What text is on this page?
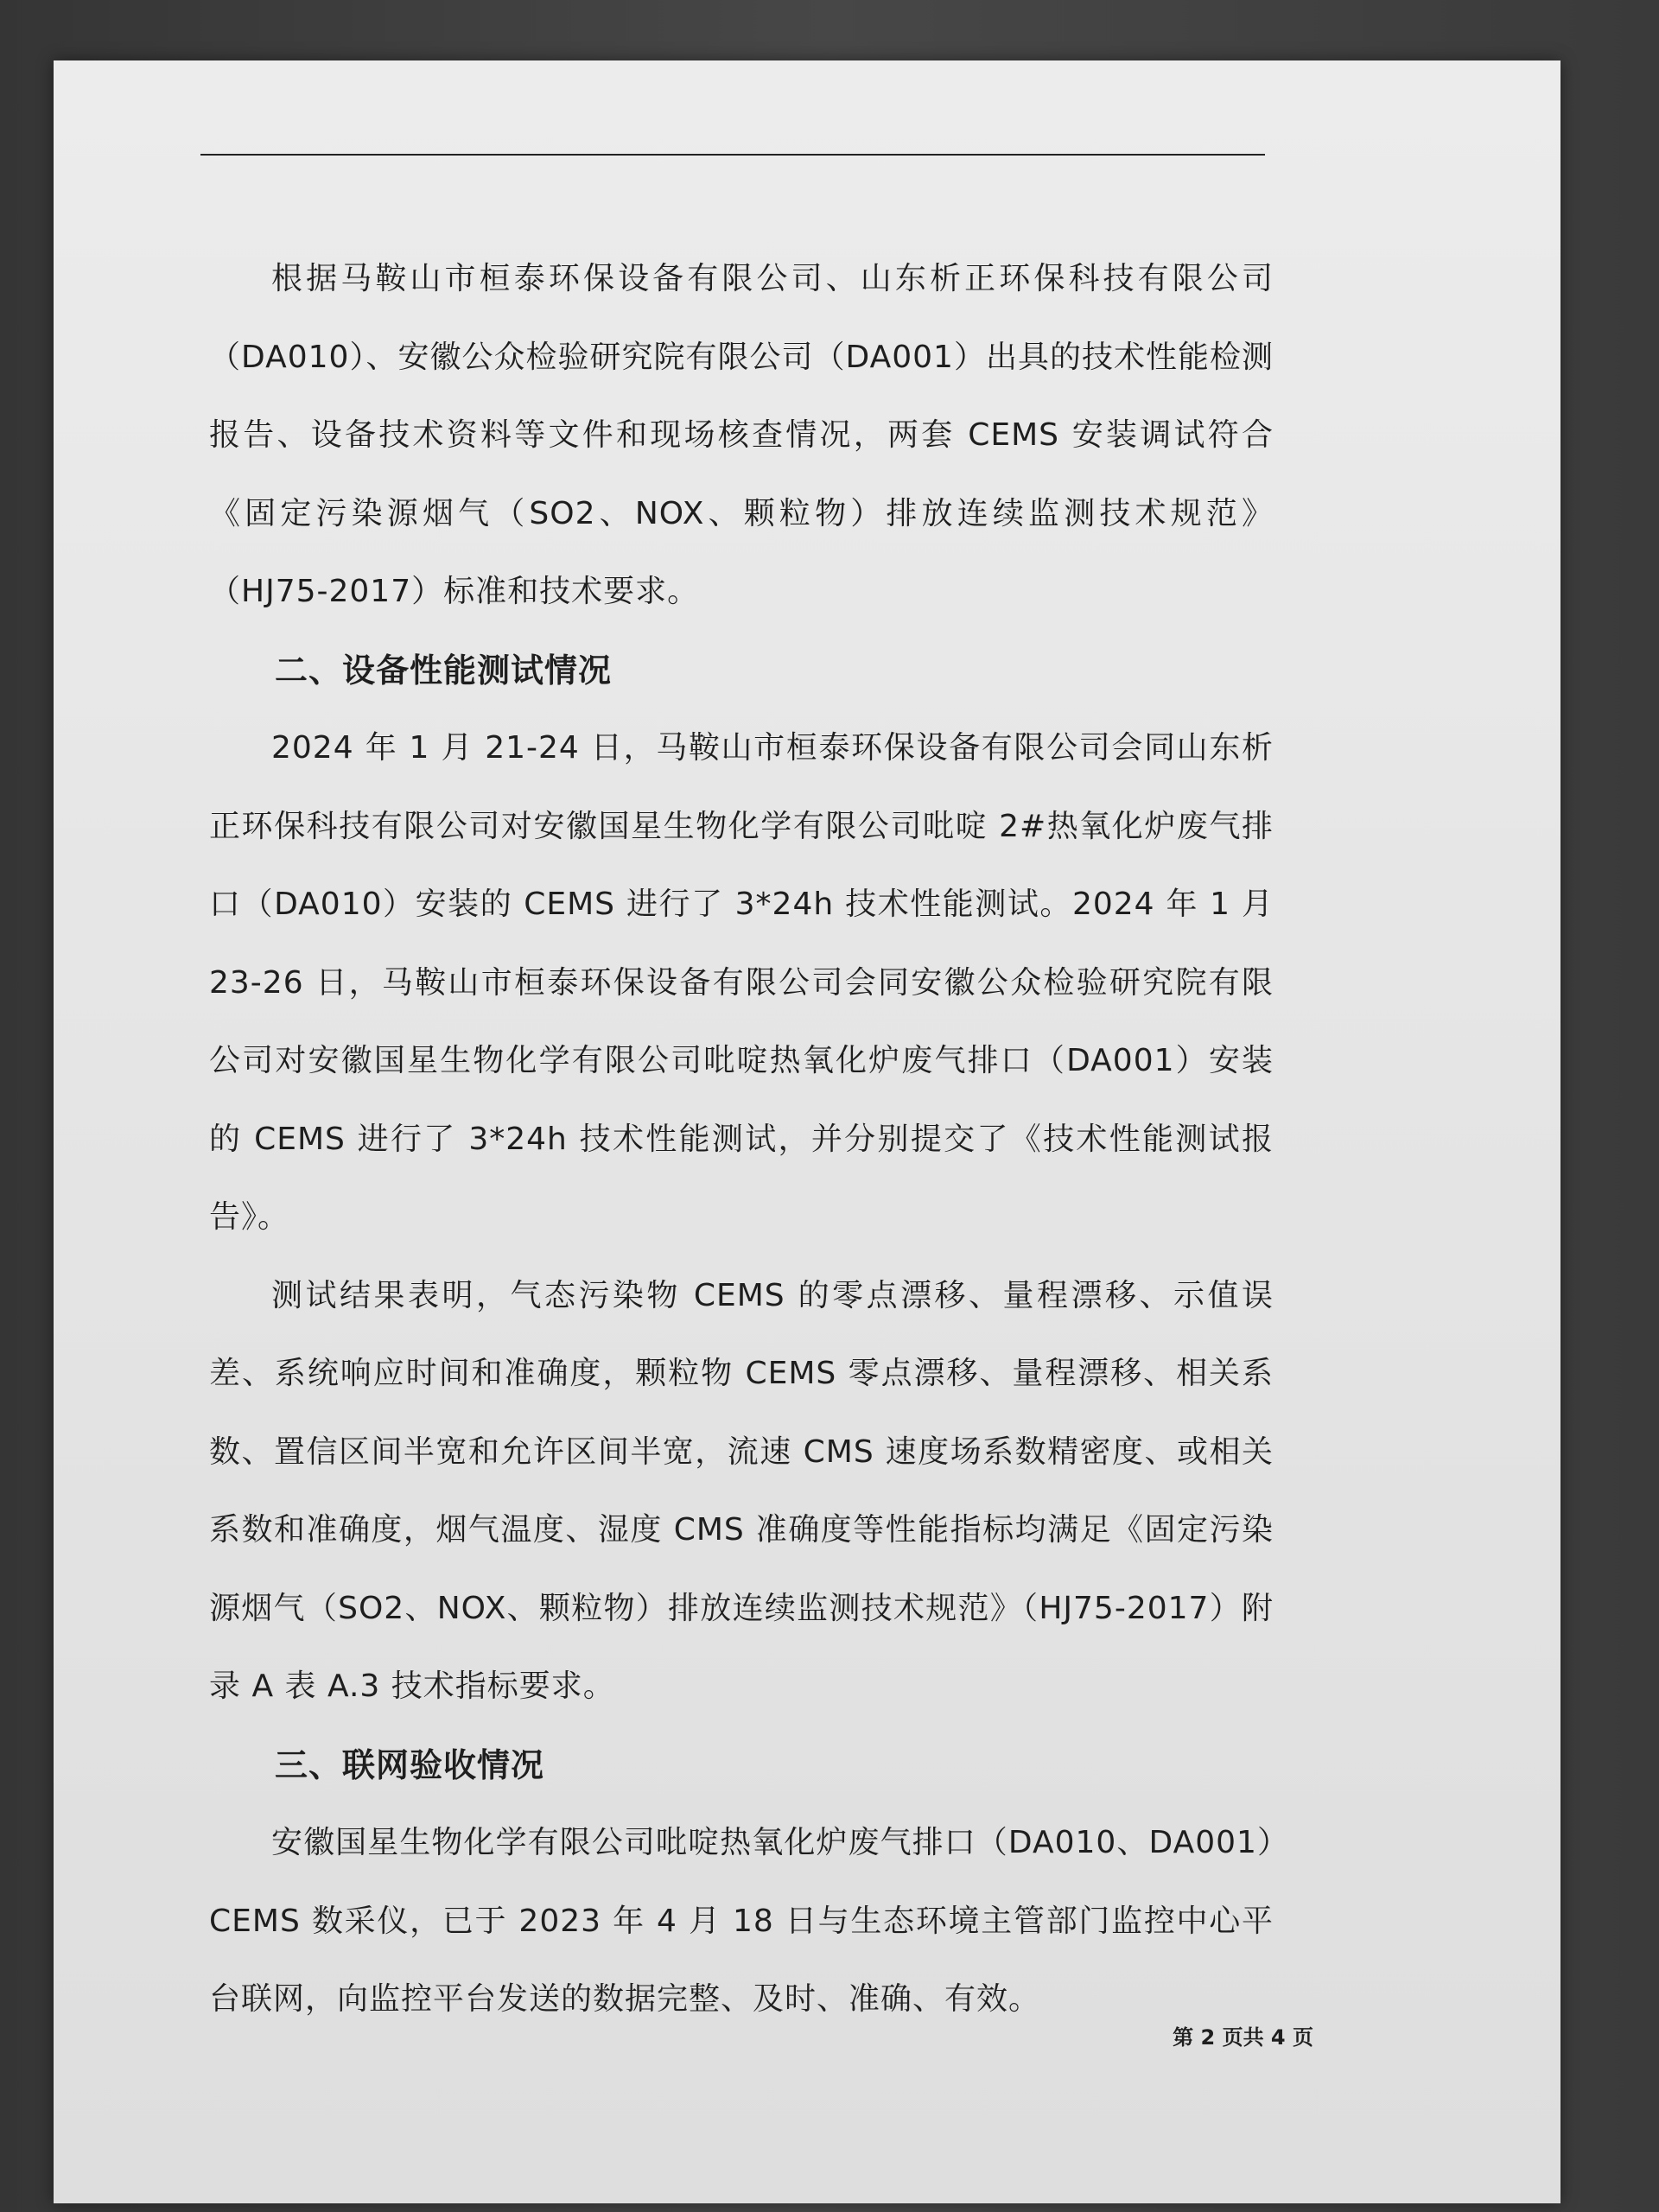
根据马鞍山市桓泰环保设备有限公司、山东析正环保科技有限公司（DA010）、安徽公众检验研究院有限公司（DA001）出具的技术性能检测报告、设备技术资料等文件和现场核查情况，两套 CEMS 安装调试符合《固定污染源烟气（SO2、NOX、颗粒物）排放连续监测技术规范》（HJ75-2017）标准和技术要求。

二、设备性能测试情况

2024 年 1 月 21-24 日，马鞍山市桓泰环保设备有限公司会同山东析正环保科技有限公司对安徽国星生物化学有限公司吡啶 2#热氧化炉废气排口（DA010）安装的 CEMS 进行了 3*24h 技术性能测试。2024 年 1 月 23-26 日，马鞍山市桓泰环保设备有限公司会同安徽公众检验研究院有限公司对安徽国星生物化学有限公司吡啶热氧化炉废气排口（DA001）安装的 CEMS 进行了 3*24h 技术性能测试，并分别提交了《技术性能测试报告》。

测试结果表明，气态污染物 CEMS 的零点漂移、量程漂移、示值误差、系统响应时间和准确度，颗粒物 CEMS 零点漂移、量程漂移、相关系数、置信区间半宽和允许区间半宽，流速 CMS 速度场系数精密度、或相关系数和准确度，烟气温度、湿度 CMS 准确度等性能指标均满足《固定污染源烟气（SO2、NOX、颗粒物）排放连续监测技术规范》（HJ75-2017）附录 A 表 A.3 技术指标要求。

三、联网验收情况

安徽国星生物化学有限公司吡啶热氧化炉废气排口（DA010、DA001）CEMS 数采仪，已于 2023 年 4 月 18 日与生态环境主管部门监控中心平台联网，向监控平台发送的数据完整、及时、准确、有效。

第 2 页共 4 页
